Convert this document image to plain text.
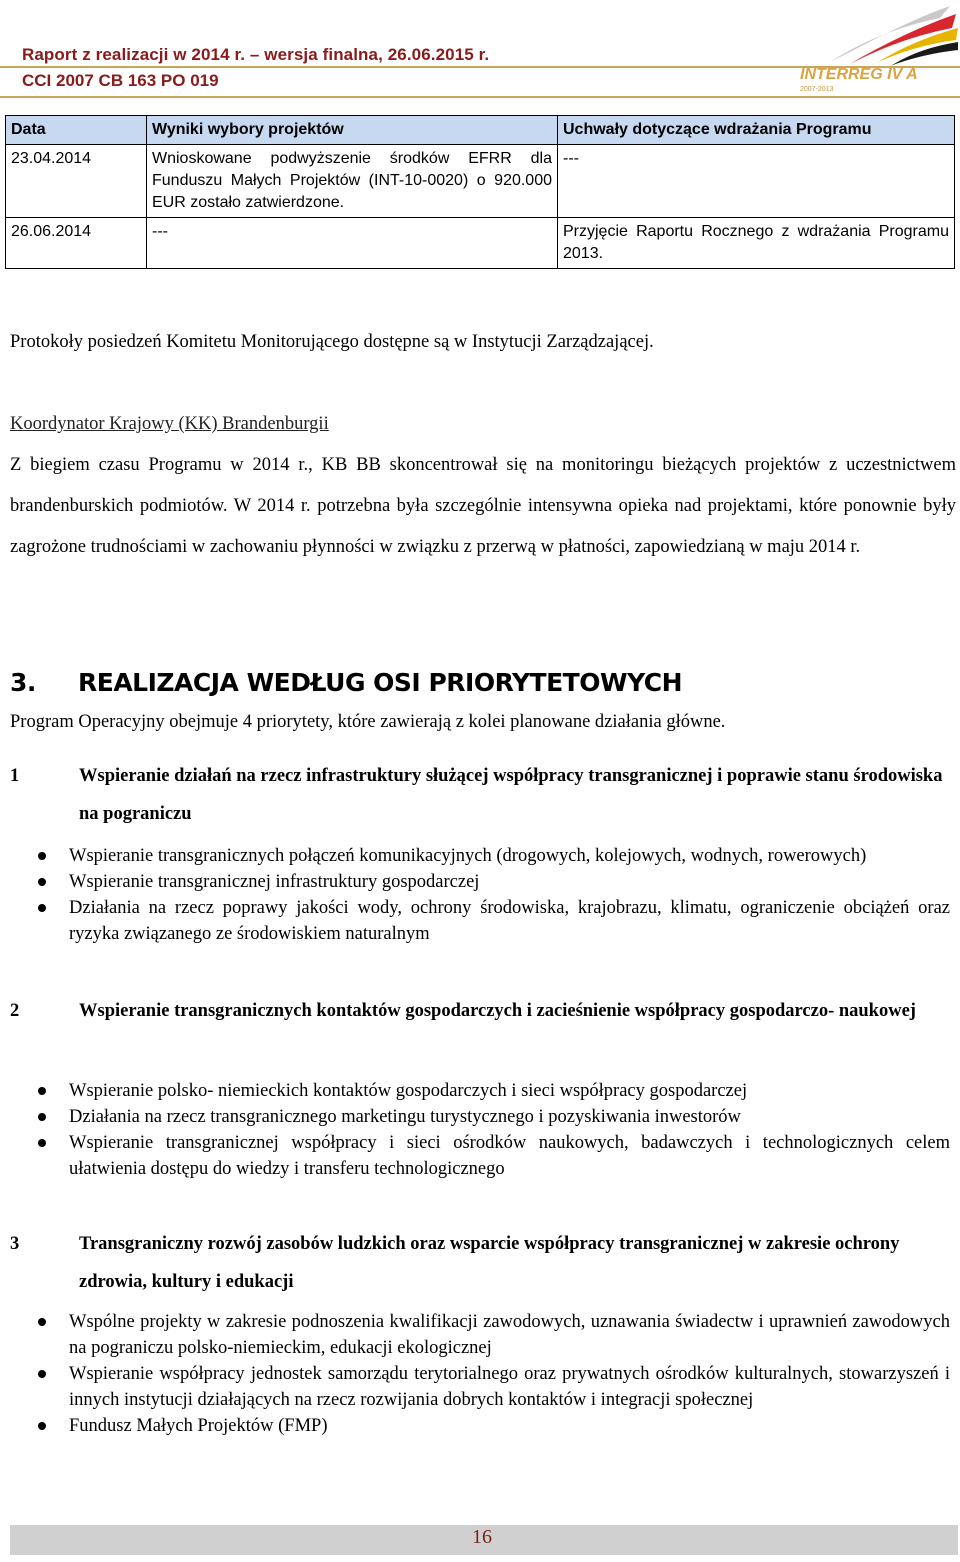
Raport z realizacji w 2014 r. – wersja finalna, 26.06.2015 r.
CCI 2007 CB 163 PO 019	INTERREG IV A
2007-2013
Data	Wyniki wybory projektów	Uchwały dotyczące wdrażania Programu
23.04.2014	Wnioskowane podwyższenie środków EFRR dla Funduszu Małych Projektów (INT-10-0020) o 920.000 EUR zostało zatwierdzone.	---
26.06.2014	---	Przyjęcie Raportu Rocznego z wdrażania Programu 2013.
Protokoły posiedzeń Komitetu Monitorującego dostępne są w Instytucji Zarządzającej.
Koordynator Krajowy (KK) Brandenburgii
Z biegiem czasu Programu w 2014 r., KB BB skoncentrował się na monitoringu bieżących projektów z uczestnictwem brandenburskich podmiotów. W 2014 r. potrzebna była szczególnie intensywna opieka nad projektami, które ponownie były zagrożone trudnościami w zachowaniu płynności w związku z przerwą w płatności, zapowiedzianą w maju 2014 r.
3. REALIZACJA WEDŁUG OSI PRIORYTETOWYCH
Program Operacyjny obejmuje 4 priorytety, które zawierają z kolei planowane działania główne.
1	Wspieranie działań na rzecz infrastruktury służącej współpracy transgranicznej i poprawie stanu środowiska na pograniczu
Wspieranie transgranicznych połączeń komunikacyjnych (drogowych, kolejowych, wodnych, rowerowych)
Wspieranie transgranicznej infrastruktury gospodarczej
Działania na rzecz poprawy jakości wody, ochrony środowiska, krajobrazu, klimatu, ograniczenie obciążeń oraz ryzyka związanego ze środowiskiem naturalnym
2	Wspieranie transgranicznych kontaktów gospodarczych i zacieśnienie współpracy gospodarczo- naukowej
Wspieranie polsko- niemieckich kontaktów gospodarczych i sieci współpracy gospodarczej
Działania na rzecz transgranicznego marketingu turystycznego i pozyskiwania inwestorów
Wspieranie transgranicznej współpracy i sieci ośrodków naukowych, badawczych i technologicznych celem ułatwienia dostępu do wiedzy i transferu technologicznego
3	Transgraniczny rozwój zasobów ludzkich oraz wsparcie współpracy transgranicznej w zakresie ochrony zdrowia, kultury i edukacji
Wspólne projekty w zakresie podnoszenia kwalifikacji zawodowych, uznawania świadectw i uprawnień zawodowych na pograniczu polsko-niemieckim, edukacji ekologicznej
Wspieranie współpracy jednostek samorządu terytorialnego oraz prywatnych ośrodków kulturalnych, stowarzyszeń i innych instytucji działających na rzecz rozwijania dobrych kontaktów i integracji społecznej
Fundusz Małych Projektów (FMP)
16
